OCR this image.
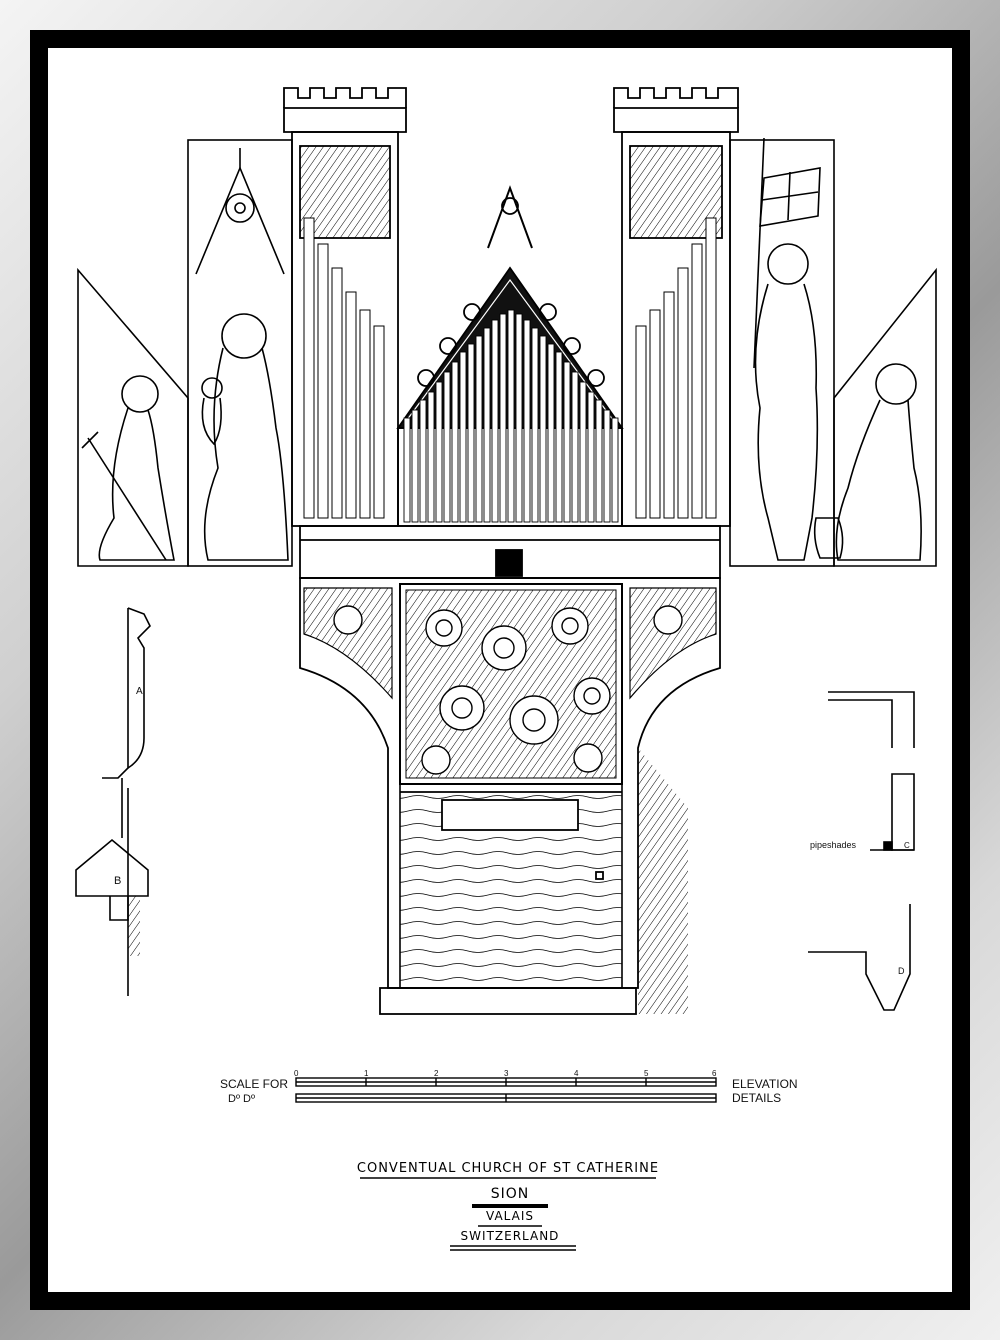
A
B
pipeshades	C
D
0	1	2	3	4	5	6
SCALE FOR
Dº Dº
ELEVATION
DETAILS
CONVENTUAL CHURCH OF ST CATHERINE
SION
VALAIS
SWITZERLAND
